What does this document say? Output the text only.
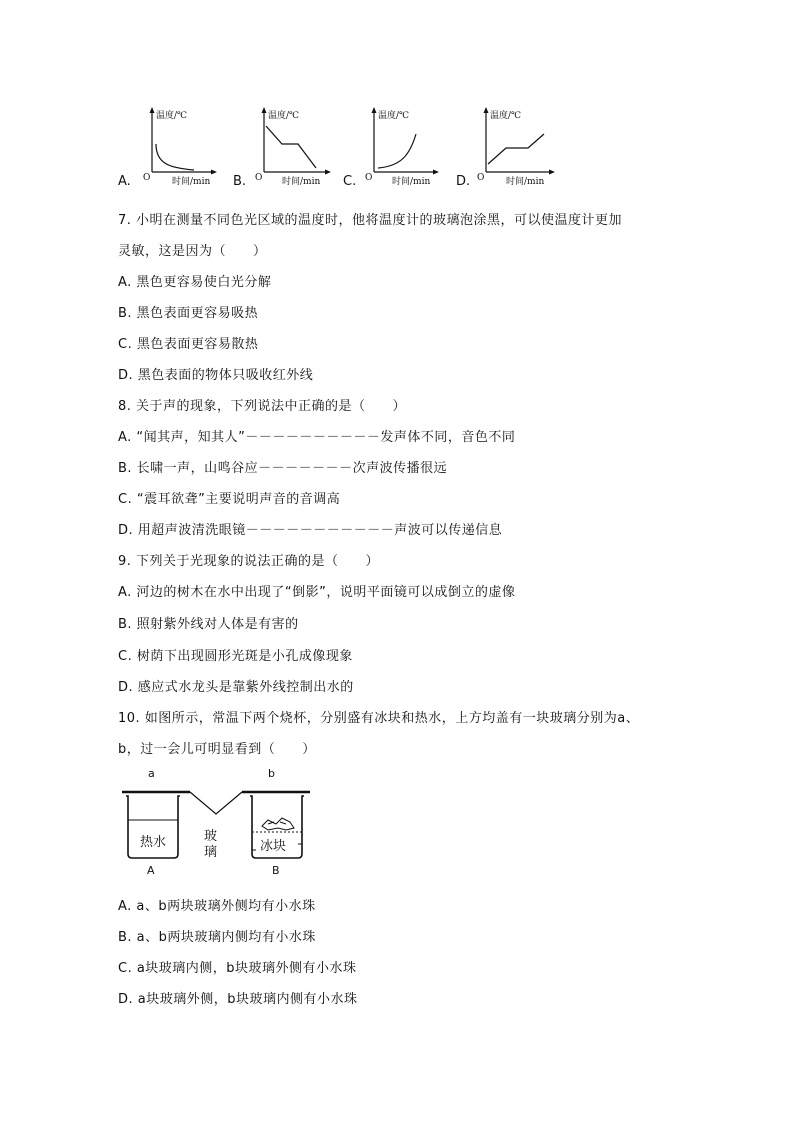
A.
温度/℃
O 时间/min B.
温度/℃
O 时间/min C.
温度/℃
O 时间/min D.
温度/℃
O 时间/min
7. 小明在测量不同色光区域的温度时，他将温度计的玻璃泡涂黑，可以使温度计更加
灵敏，这是因为（　　）
A. 黑色更容易使白光分解
B. 黑色表面更容易吸热
C. 黑色表面更容易散热
D. 黑色表面的物体只吸收红外线
8. 关于声的现象，下列说法中正确的是（　　）
A. “闻其声，知其人”－－－－－－－－－－发声体不同，音色不同
B. 长啸一声，山鸣谷应－－－－－－－次声波传播很远
C. “震耳欲聋”主要说明声音的音调高
D. 用超声波清洗眼镜－－－－－－－－－－－声波可以传递信息
9. 下列关于光现象的说法正确的是（　　）
A. 河边的树木在水中出现了“倒影”，说明平面镜可以成倒立的虚像
B. 照射紫外线对人体是有害的
C. 树荫下出现圆形光斑是小孔成像现象
D. 感应式水龙头是靠紫外线控制出水的
10. 如图所示，常温下两个烧杯，分别盛有冰块和热水，上方均盖有一块玻璃分别为a、
b，过一会儿可明显看到（　　）
a	b
玻
璃
热水
A
冰块
B
A. a、b两块玻璃外侧均有小水珠
B. a、b两块玻璃内侧均有小水珠
C. a块玻璃内侧，b块玻璃外侧有小水珠
D. a块玻璃外侧，b块玻璃内侧有小水珠
